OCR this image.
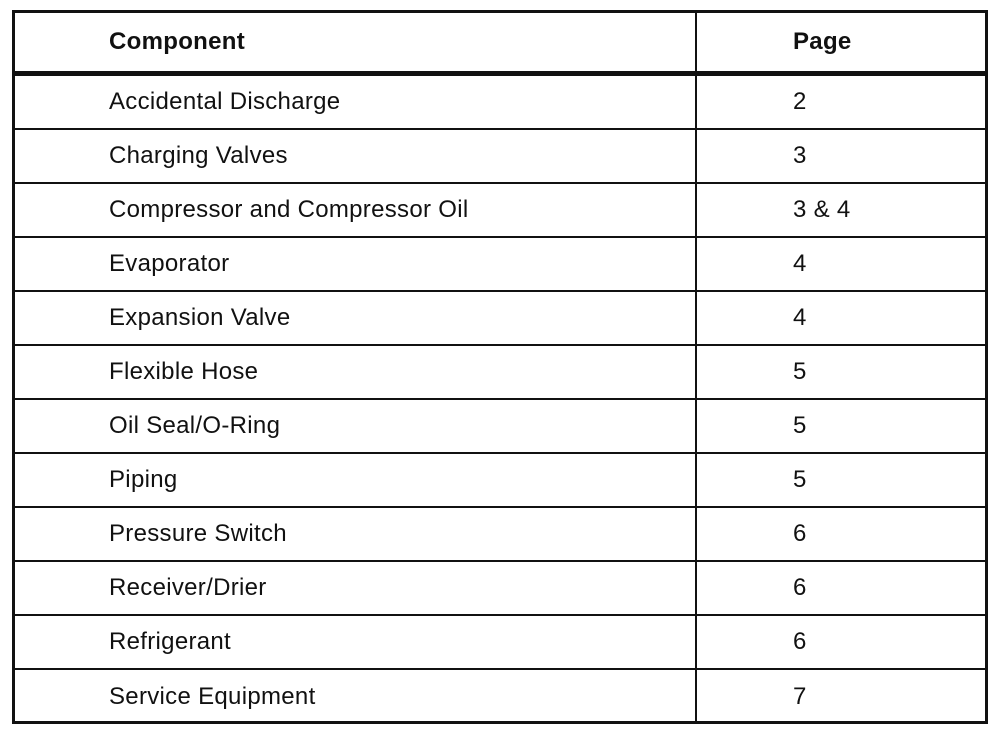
Component	Page
Accidental Discharge	2
Charging Valves	3
Compressor and Compressor Oil	3 & 4
Evaporator	4
Expansion Valve	4
Flexible Hose	5
Oil Seal/O-Ring	5
Piping	5
Pressure Switch	6
Receiver/Drier	6
Refrigerant	6
Service Equipment	7
